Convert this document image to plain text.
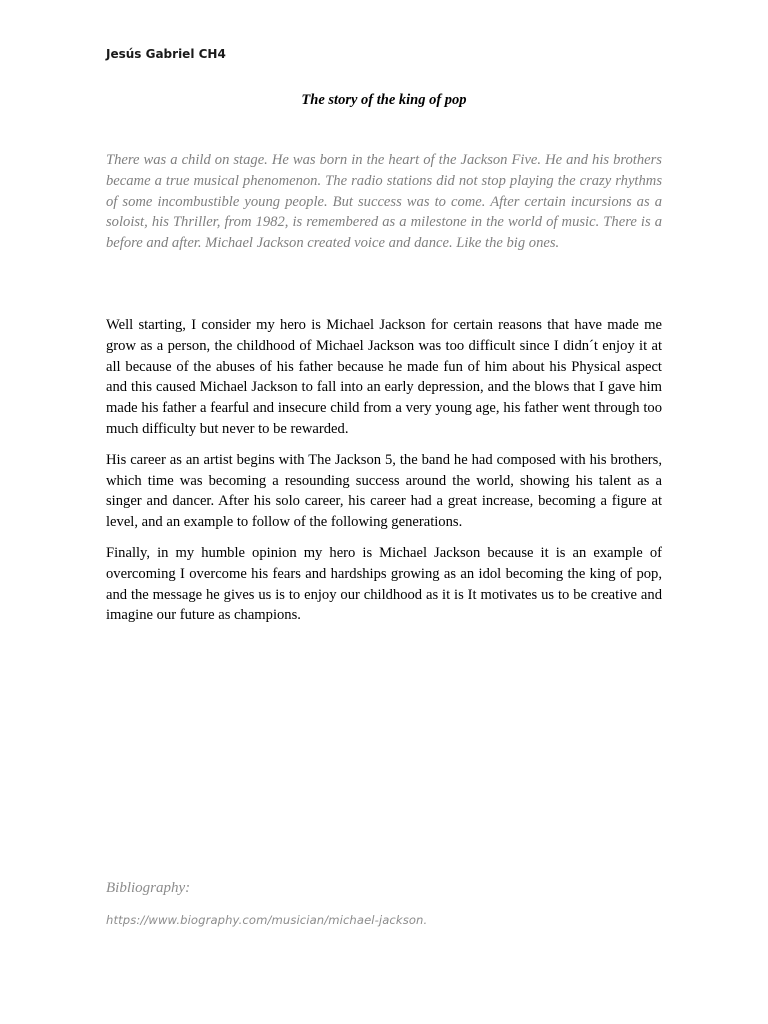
Jesús Gabriel CH4
The story of the king of pop

There was a child on stage. He was born in the heart of the Jackson Five. He and his brothers became a true musical phenomenon. The radio stations did not stop playing the crazy rhythms of some incombustible young people. But success was to come. After certain incursions as a soloist, his Thriller, from 1982, is remembered as a milestone in the world of music. There is a before and after. Michael Jackson created voice and dance. Like the big ones.

Well starting, I consider my hero is Michael Jackson for certain reasons that have made me grow as a person, the childhood of Michael Jackson was too difficult since I didn´t enjoy it at all because of the abuses of his father because he made fun of him about his Physical aspect and this caused Michael Jackson to fall into an early depression, and the blows that I gave him made his father a fearful and insecure child from a very young age, his father went through too much difficulty but never to be rewarded.

His career as an artist begins with The Jackson 5, the band he had composed with his brothers, which time was becoming a resounding success around the world, showing his talent as a singer and dancer. After his solo career, his career had a great increase, becoming a figure at level, and an example to follow of the following generations.

Finally, in my humble opinion my hero is Michael Jackson because it is an example of overcoming I overcome his fears and hardships growing as an idol becoming the king of pop, and the message he gives us is to enjoy our childhood as it is It motivates us to be creative and imagine our future as champions.

Bibliography:
https://www.biography.com/musician/michael-jackson.
